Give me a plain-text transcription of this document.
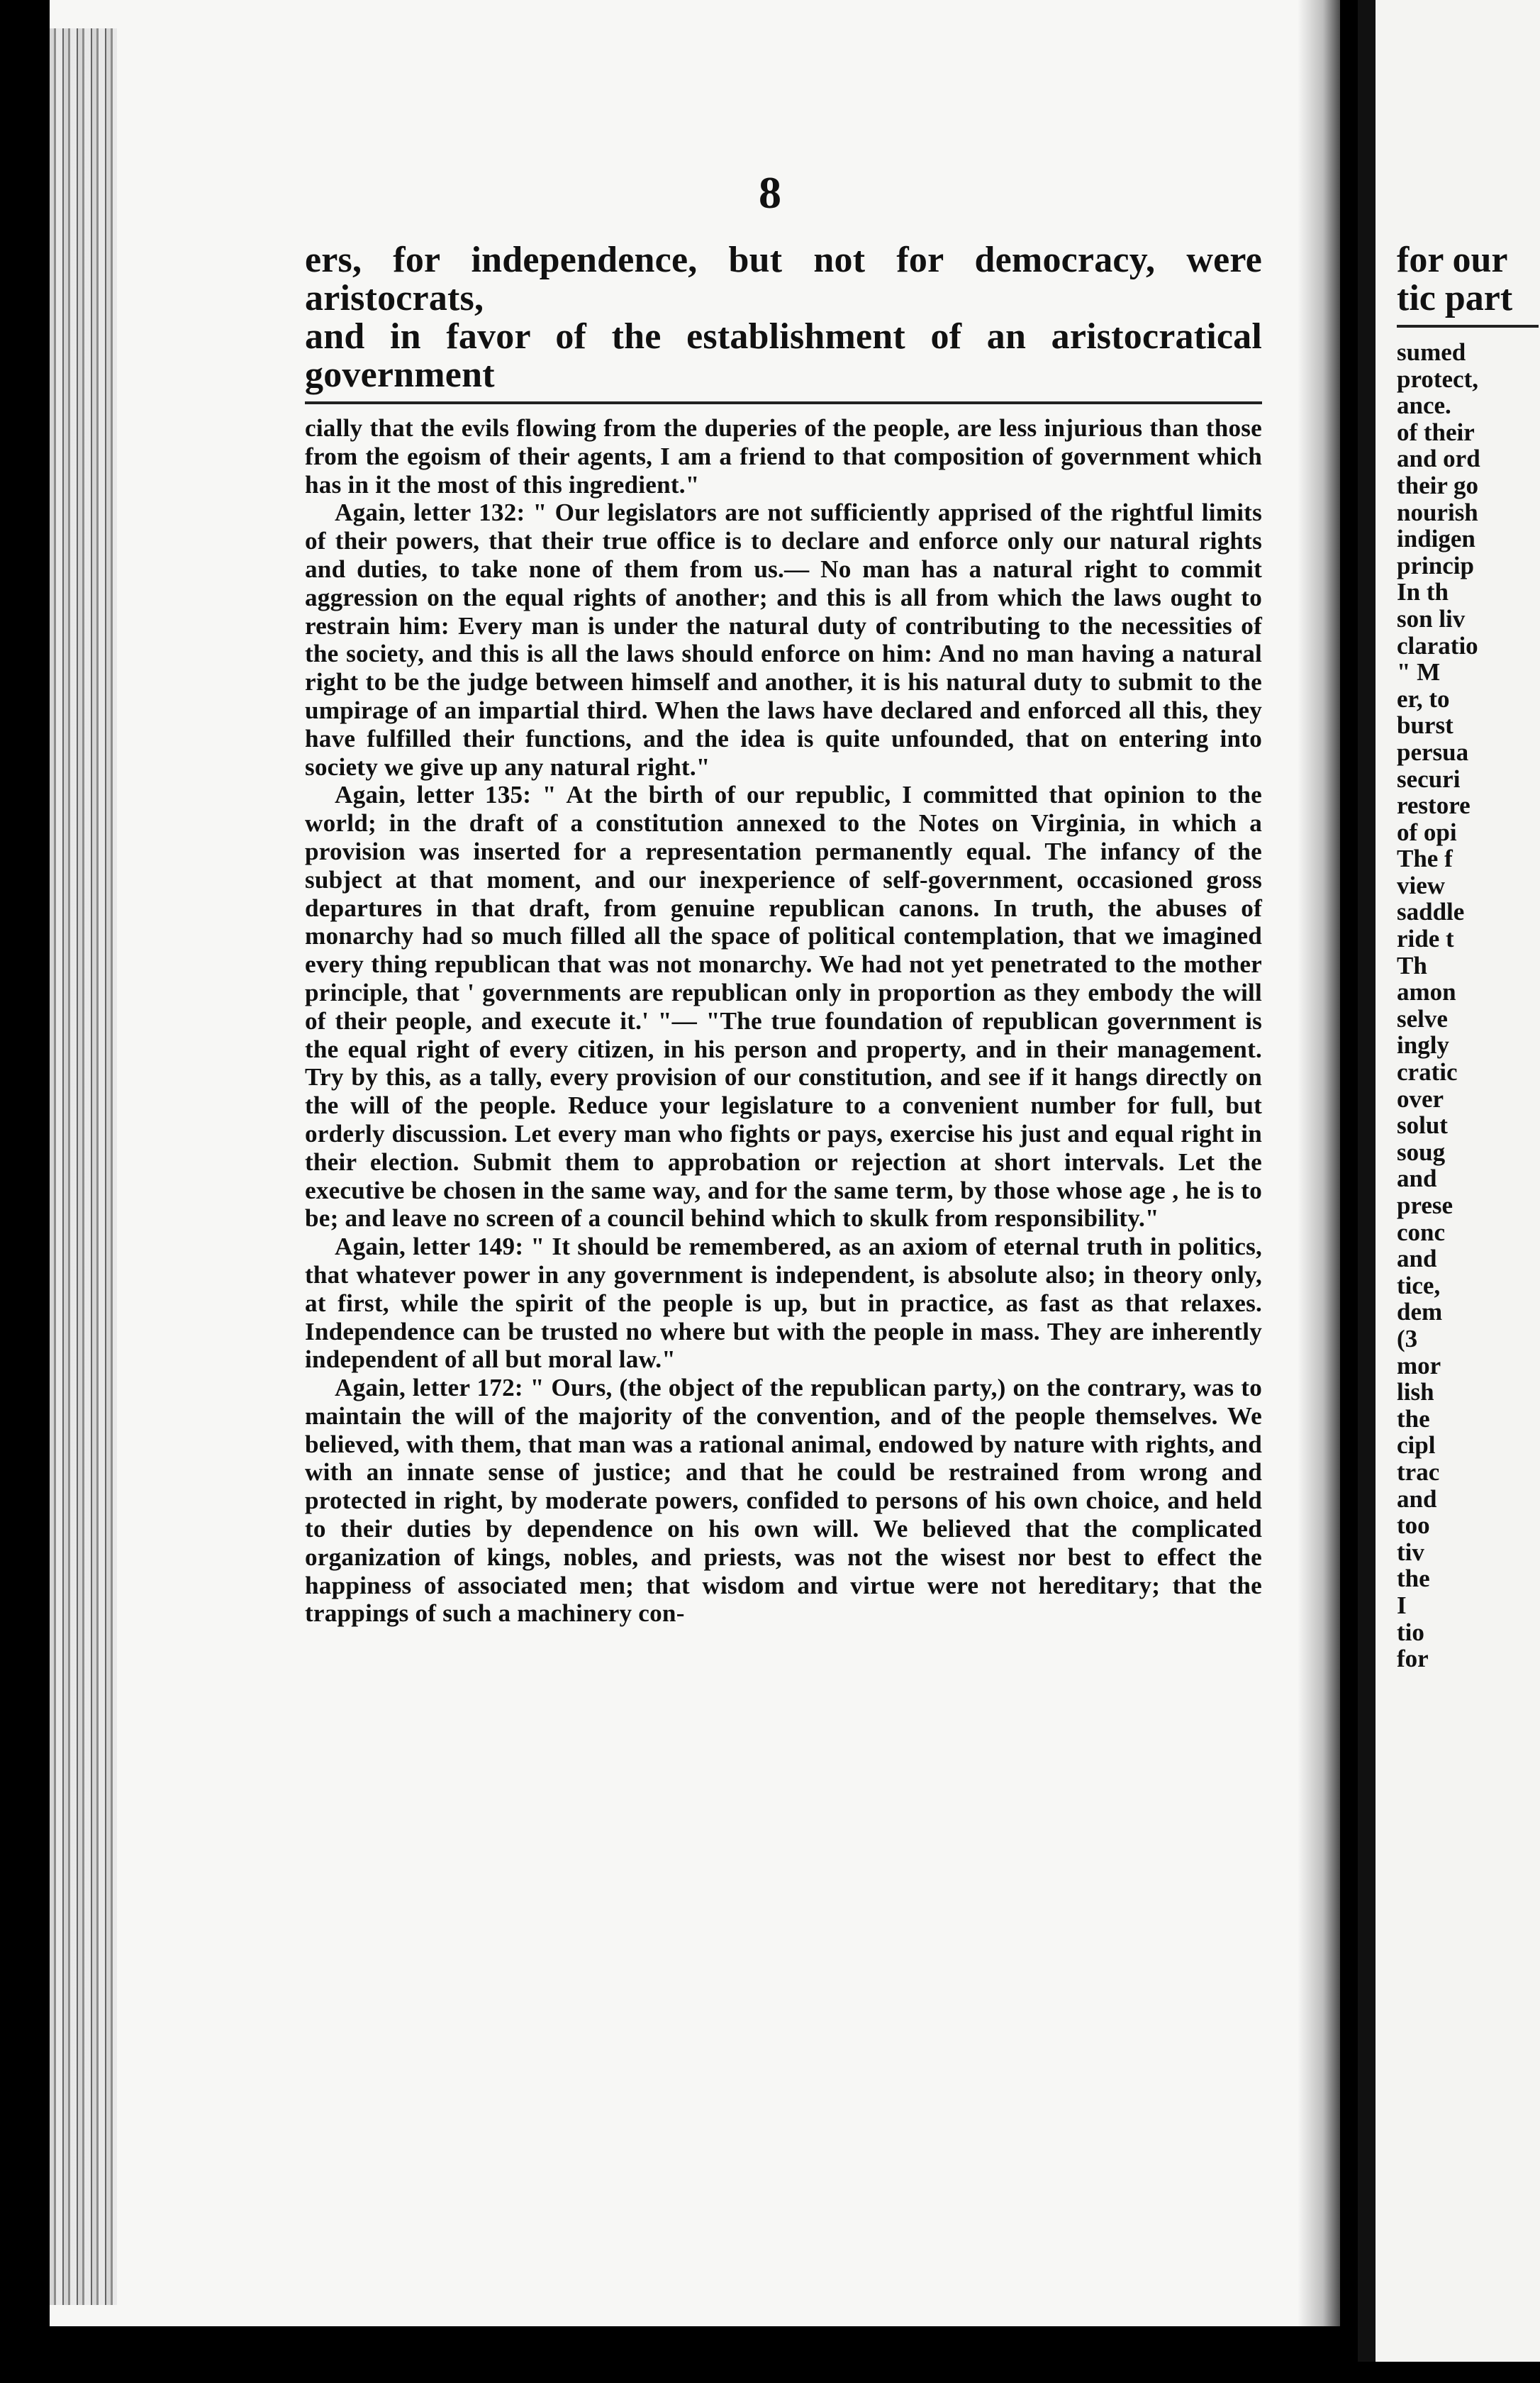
for our
tic part
sumed
protect,
ance.
of their
and ord
their go
nourish
indigen
princip
In th
son liv
claratio
" M
er, to
burst
persua
securi
restore
of opi
The f
view
saddle
ride t
Th
amon
selve
ingly
cratic
over
solut
soug
and
prese
conc
and
tice,
dem
(3
mor
lish
the
cipl
trac
and
too
tiv
the
I
tio
for
8
ers, for independence, but not for democracy, were aristocrats,
and in favor of the establishment of an aristocratical government

cially that the evils flowing from the duperies of the people, are less injurious than those from the egoism of their agents, I am a friend to that composition of government which has in it the most of this ingredient."

Again, letter 132: " Our legislators are not sufficiently apprised of the rightful limits of their powers, that their true office is to declare and enforce only our natural rights and duties, to take none of them from us.— No man has a natural right to commit aggression on the equal rights of another; and this is all from which the laws ought to restrain him: Every man is under the natural duty of contributing to the necessities of the society, and this is all the laws should enforce on him: And no man having a natural right to be the judge between himself and another, it is his natural duty to submit to the umpirage of an impartial third. When the laws have declared and enforced all this, they have fulfilled their functions, and the idea is quite unfounded, that on entering into society we give up any natural right."

Again, letter 135: " At the birth of our republic, I committed that opinion to the world; in the draft of a constitution annexed to the Notes on Virginia, in which a provision was inserted for a representation permanently equal. The infancy of the subject at that moment, and our inexperience of self-government, occasioned gross departures in that draft, from genuine republican canons. In truth, the abuses of monarchy had so much filled all the space of political contemplation, that we imagined every thing republican that was not monarchy. We had not yet penetrated to the mother principle, that ' governments are republican only in proportion as they embody the will of their people, and execute it.' "— "The true foundation of republican government is the equal right of every citizen, in his person and property, and in their management. Try by this, as a tally, every provision of our constitution, and see if it hangs directly on the will of the people. Reduce your legislature to a convenient number for full, but orderly discussion. Let every man who fights or pays, exercise his just and equal right in their election. Submit them to approbation or rejection at short intervals. Let the executive be chosen in the same way, and for the same term, by those whose age , he is to be; and leave no screen of a council behind which to skulk from responsibility."

Again, letter 149: " It should be remembered, as an axiom of eternal truth in politics, that whatever power in any government is independent, is absolute also; in theory only, at first, while the spirit of the people is up, but in practice, as fast as that relaxes. Independence can be trusted no where but with the people in mass. They are inherently independent of all but moral law."

Again, letter 172: " Ours, (the object of the republican party,) on the contrary, was to maintain the will of the majority of the convention, and of the people themselves. We believed, with them, that man was a rational animal, endowed by nature with rights, and with an innate sense of justice; and that he could be restrained from wrong and protected in right, by moderate powers, confided to persons of his own choice, and held to their duties by dependence on his own will. We believed that the complicated organization of kings, nobles, and priests, was not the wisest nor best to effect the happiness of associated men; that wisdom and virtue were not hereditary; that the trappings of such a machinery con-
